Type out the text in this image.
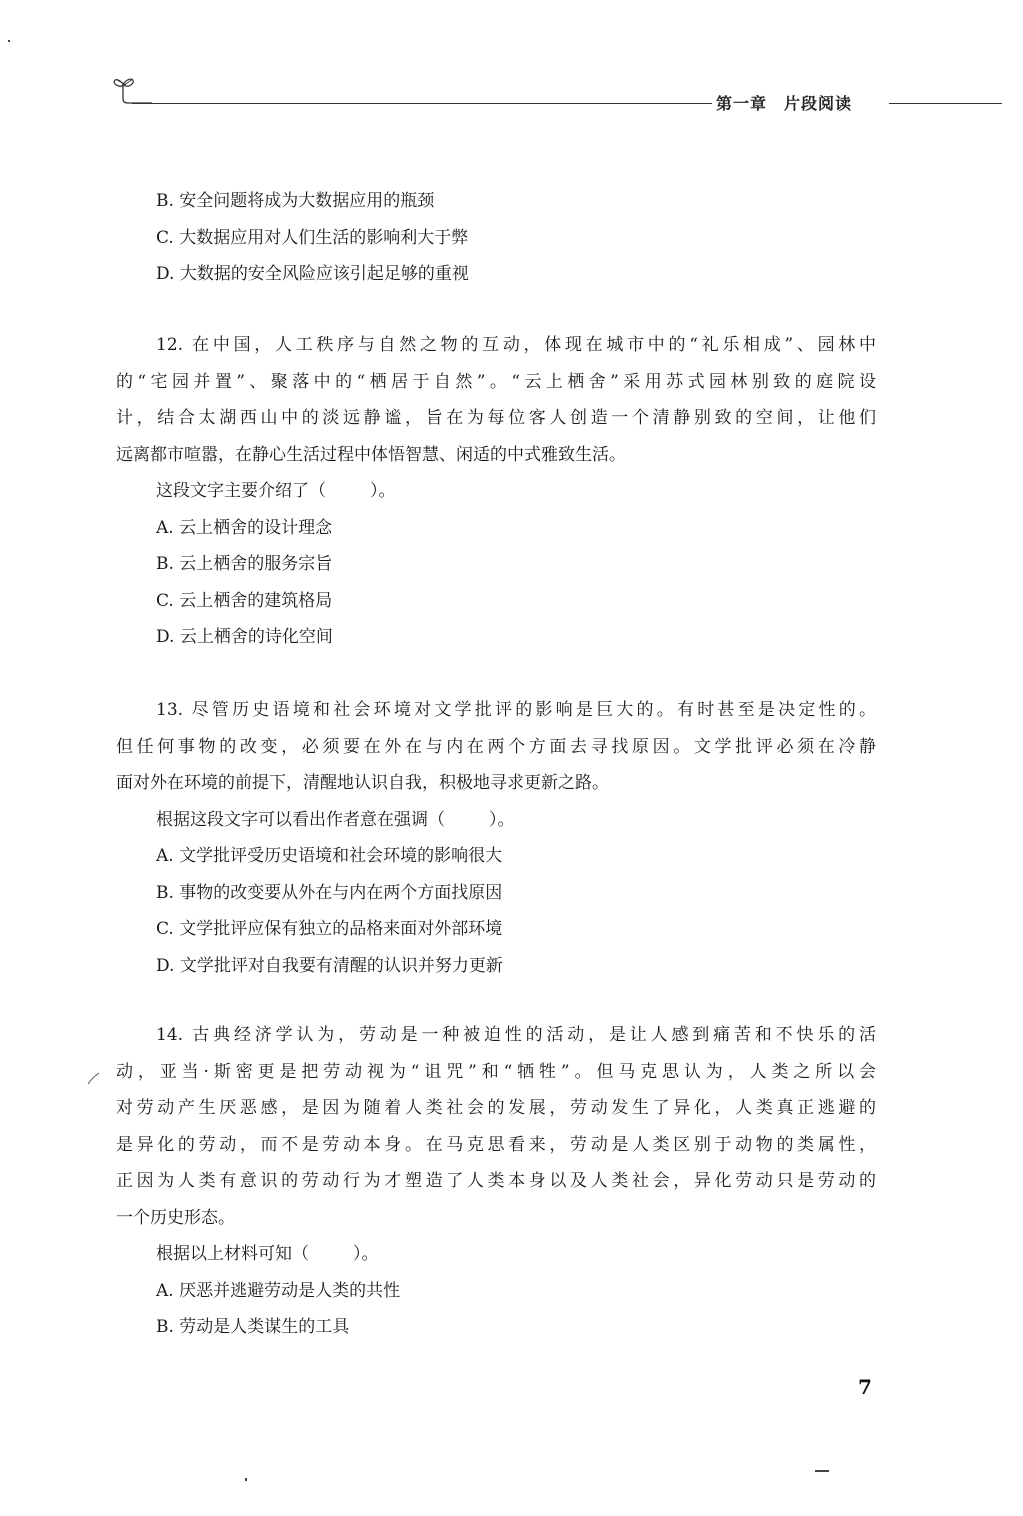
第一章　片段阅读
B. 安全问题将成为大数据应用的瓶颈
C. 大数据应用对人们生活的影响利大于弊
D. 大数据的安全风险应该引起足够的重视
12. 在中国，人工秩序与自然之物的互动，体现在城市中的“礼乐相成”、园林中
的“宅园并置”、聚落中的“栖居于自然”。“云上栖舍”采用苏式园林别致的庭院设
计，结合太湖西山中的淡远静谧，旨在为每位客人创造一个清静别致的空间，让他们
远离都市喧嚣，在静心生活过程中体悟智慧、闲适的中式雅致生活。
这段文字主要介绍了（	）。
A. 云上栖舍的设计理念
B. 云上栖舍的服务宗旨
C. 云上栖舍的建筑格局
D. 云上栖舍的诗化空间
13. 尽管历史语境和社会环境对文学批评的影响是巨大的。有时甚至是决定性的。
但任何事物的改变，必须要在外在与内在两个方面去寻找原因。文学批评必须在冷静
面对外在环境的前提下，清醒地认识自我，积极地寻求更新之路。
根据这段文字可以看出作者意在强调（	）。
A. 文学批评受历史语境和社会环境的影响很大
B. 事物的改变要从外在与内在两个方面找原因
C. 文学批评应保有独立的品格来面对外部环境
D. 文学批评对自我要有清醒的认识并努力更新
14. 古典经济学认为，劳动是一种被迫性的活动，是让人感到痛苦和不快乐的活
动，亚当·斯密更是把劳动视为“诅咒”和“牺牲”。但马克思认为，人类之所以会
对劳动产生厌恶感，是因为随着人类社会的发展，劳动发生了异化，人类真正逃避的
是异化的劳动，而不是劳动本身。在马克思看来，劳动是人类区别于动物的类属性，
正因为人类有意识的劳动行为才塑造了人类本身以及人类社会，异化劳动只是劳动的
一个历史形态。
根据以上材料可知（	）。
A. 厌恶并逃避劳动是人类的共性
B. 劳动是人类谋生的工具
7
